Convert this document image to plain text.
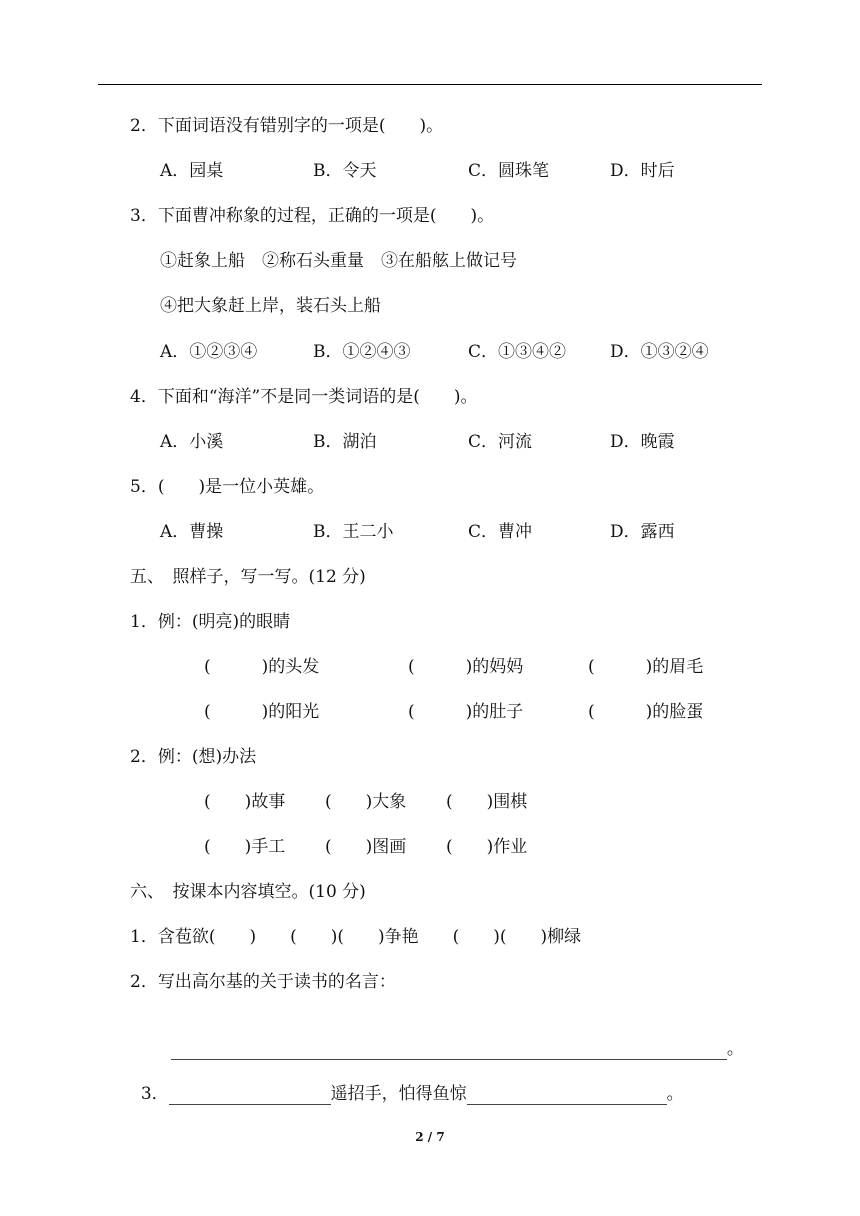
2．下面词语没有错别字的一项是(　　)。
A．园桌	B．令天	C．圆珠笔	D．时后
3．下面曹冲称象的过程，正确的一项是(　　)。
①赶象上船　②称石头重量　③在船舷上做记号
④把大象赶上岸，装石头上船
A．①②③④	B．①②④③	C．①③④②	D．①③②④
4．下面和“海洋”不是同一类词语的是(　　)。
A．小溪	B．湖泊	C．河流	D．晚霞
5．(　　)是一位小英雄。
A．曹操	B．王二小	C．曹冲	D．露西
五、　照样子，写一写。(12 分)
1．例：(明亮)的眼睛
(　　　)的头发	(　　　)的妈妈	(　　　)的眉毛
(　　　)的阳光	(　　　)的肚子	(　　　)的脸蛋
2．例：(想)办法
(　　)故事 (　　)大象 (　　)围棋
(　　)手工 (　　)图画 (　　)作业
六、　按课本内容填空。(10 分)
1．含苞欲(　　)　　(　　)(　　)争艳　　(　　)(　　)柳绿
2．写出高尔基的关于读书的名言：

。

3．	遥招手，怕得鱼惊	。

2 / 7
